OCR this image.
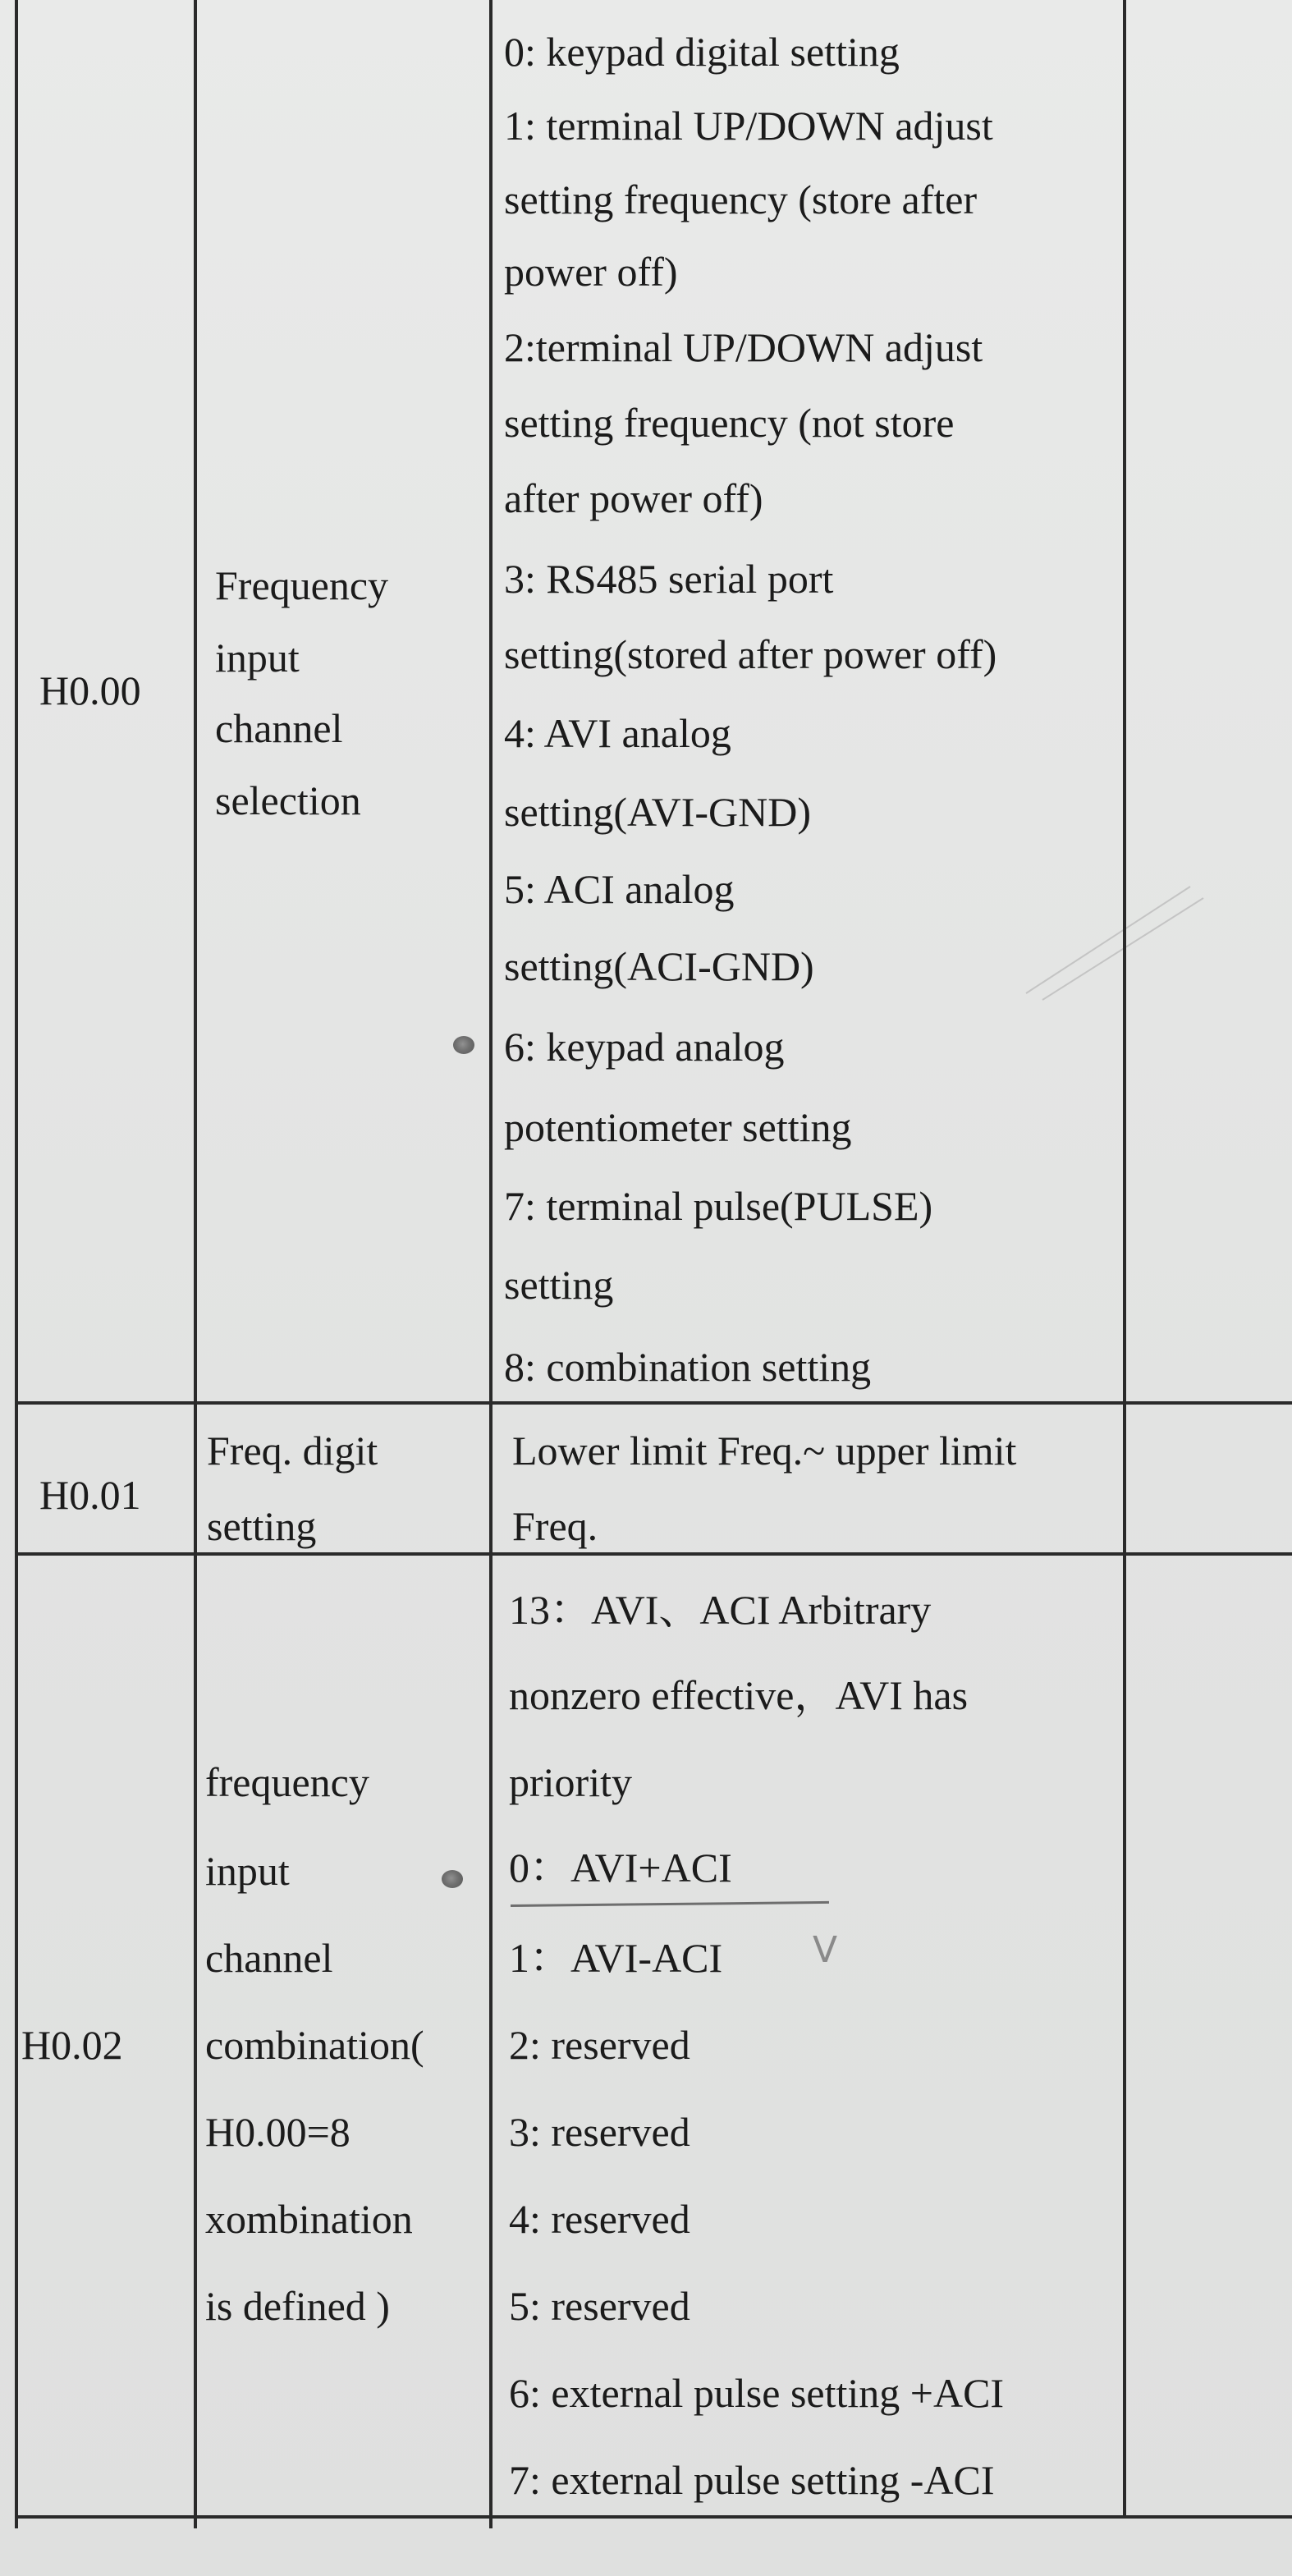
H0.00
Frequency
input
channel
selection
0: keypad digital setting
1: terminal UP/DOWN adjust
setting frequency (store after
power off)
2:terminal UP/DOWN adjust
setting frequency (not store
after power off)
3: RS485 serial port
setting(stored after power off)
4: AVI analog
setting(AVI-GND)
5: ACI analog
setting(ACI-GND)
6: keypad analog
potentiometer setting
7: terminal pulse(PULSE)
setting
8: combination setting
H0.01
Freq. digit
setting
Lower limit Freq.~ upper limit
Freq.
H0.02
frequency
input
channel
combination(
H0.00=8
xombination
is defined )
13：AVI、ACI Arbitrary
nonzero effective，AVI has
priority
0：AVI+ACI
1：AVI-ACI
2: reserved
3: reserved
4: reserved
5: reserved
6: external pulse setting +ACI
7: external pulse setting -ACI
V
